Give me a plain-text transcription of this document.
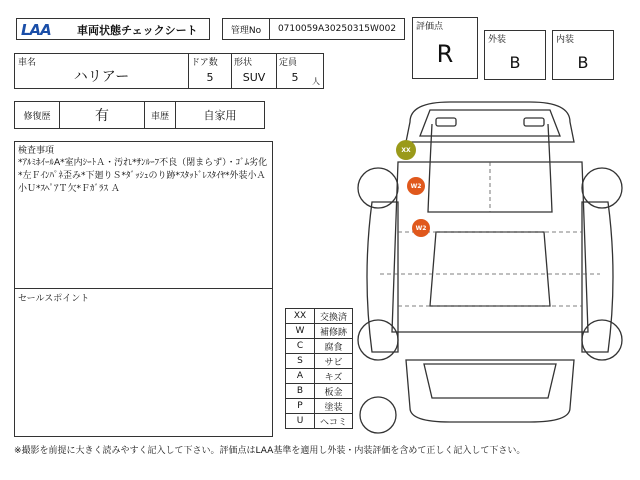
LAA 車両状態チェックシート	管理No	0710059A30250315W002	評価点
R	外装
B
内装
B
車名
ハリアー
ドア数
5
形状
SUV
定員
5	人
修復歴	有	車歴	自家用
検査事項
*ｱﾙﾐﾎｲｰﾙA*室内ｼｰﾄＡ・汚れ*ｻﾝﾙｰﾌ不良（閉まらず）・ｺﾞﾑ劣化*左Ｆｲﾝﾊﾟﾈ歪み*下廻りＳ*ﾀﾞｯｼｭのり跡*ｽﾀｯﾄﾞﾚｽﾀｲﾔ*外装小Ａ小Ｕ*ｽﾍﾟｱＴ欠*Ｆｶﾞﾗｽ Ａ
セールスポイント
XX	交換済
W	補修跡
C	腐食
S	サビ
A	キズ
B	板金
P	塗装
U	ヘコミ
XX
W2
W2
※撮影を前提に大きく読みやすく記入して下さい。評価点はLAA基準を適用し外装・内装評価を含めて正しく記入して下さい。
